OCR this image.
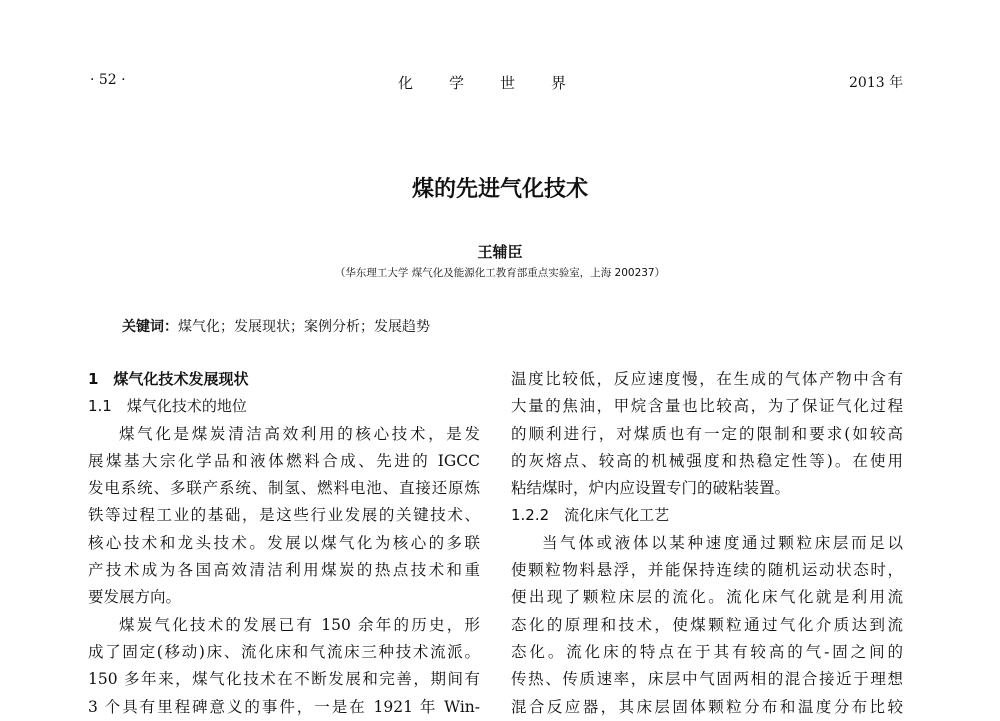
· 52 ·	化学世界	2013 年
煤的先进气化技术
王辅臣
（华东理工大学 煤气化及能源化工教育部重点实验室，上海 200237）
关键词：煤气化；发展现状；案例分析；发展趋势
1　煤气化技术发展现状
1.1　煤气化技术的地位
煤气化是煤炭清洁高效利用的核心技术，是发
展煤基大宗化学品和液体燃料合成、先进的 IGCC
发电系统、多联产系统、制氢、燃料电池、直接还原炼
铁等过程工业的基础，是这些行业发展的关键技术、
核心技术和龙头技术。发展以煤气化为核心的多联
产技术成为各国高效清洁利用煤炭的热点技术和重
要发展方向。
煤炭气化技术的发展已有 150 余年的历史，形
成了固定(移动)床、流化床和气流床三种技术流派。
150 多年来，煤气化技术在不断发展和完善，期间有
3 个具有里程碑意义的事件，一是在 1921 年 Win-
温度比较低，反应速度慢，在生成的气体产物中含有
大量的焦油，甲烷含量也比较高，为了保证气化过程
的顺利进行，对煤质也有一定的限制和要求(如较高
的灰熔点、较高的机械强度和热稳定性等)。在使用
粘结煤时，炉内应设置专门的破粘装置。
1.2.2　流化床气化工艺
当气体或液体以某种速度通过颗粒床层而足以
使颗粒物料悬浮，并能保持连续的随机运动状态时，
便出现了颗粒床层的流化。流化床气化就是利用流
态化的原理和技术，使煤颗粒通过气化介质达到流
态化。流化床的特点在于其有较高的气-固之间的
传热、传质速率，床层中气固两相的混合接近于理想
混合反应器，其床层固体颗粒分布和温度分布比较
